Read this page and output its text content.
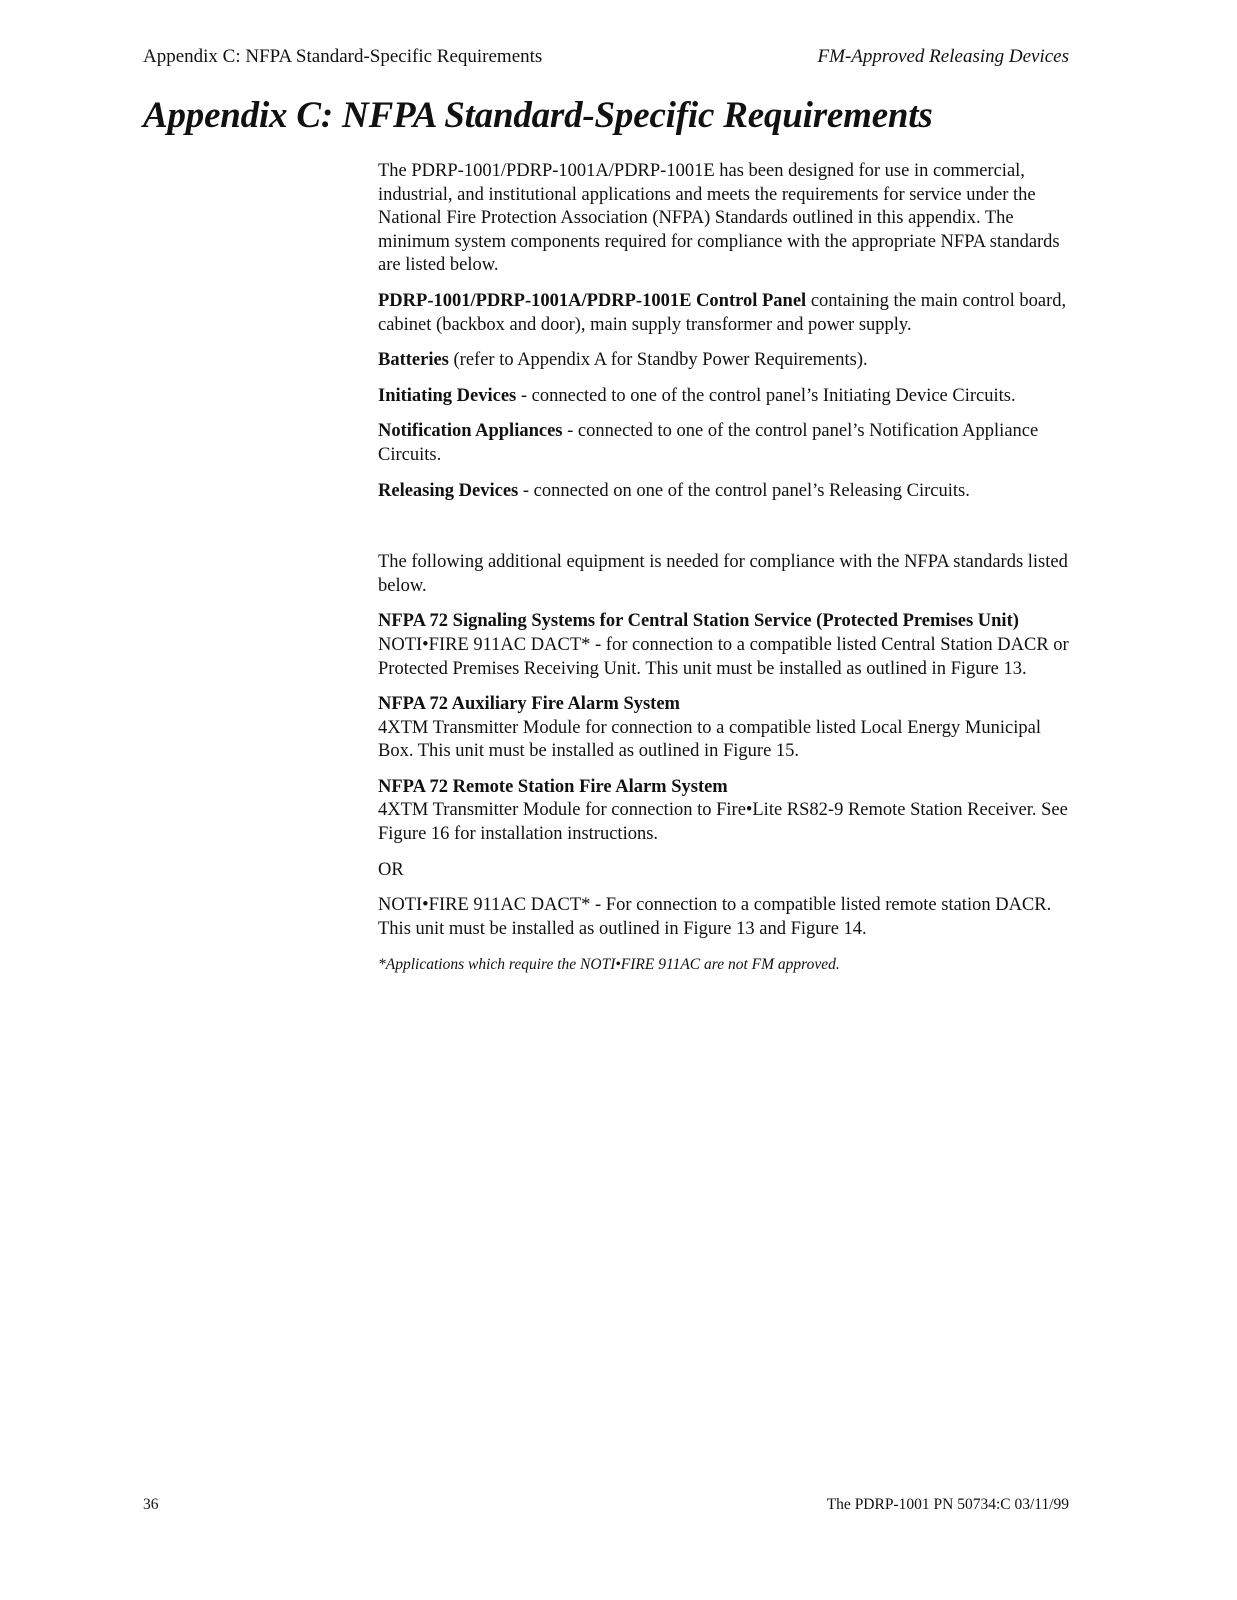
Appendix C: NFPA Standard-Specific Requirements	FM-Approved Releasing Devices
Appendix C: NFPA Standard-Specific Requirements

The PDRP-1001/PDRP-1001A/PDRP-1001E has been designed for use in commercial, industrial, and institutional applications and meets the requirements for service under the National Fire Protection Association (NFPA) Standards outlined in this appendix. The minimum system components required for compliance with the appropriate NFPA standards are listed below.

PDRP-1001/PDRP-1001A/PDRP-1001E Control Panel containing the main control board, cabinet (backbox and door), main supply transformer and power supply.

Batteries (refer to Appendix A for Standby Power Requirements).

Initiating Devices - connected to one of the control panel’s Initiating Device Circuits.

Notification Appliances - connected to one of the control panel’s Notification Appliance Circuits.

Releasing Devices - connected on one of the control panel’s Releasing Circuits.

The following additional equipment is needed for compliance with the NFPA standards listed below.

NFPA 72 Signaling Systems for Central Station Service (Protected Premises Unit)
NOTI•FIRE 911AC DACT* - for connection to a compatible listed Central Station DACR or Protected Premises Receiving Unit. This unit must be installed as outlined in Figure 13.

NFPA 72 Auxiliary Fire Alarm System
4XTM Transmitter Module for connection to a compatible listed Local Energy Municipal Box. This unit must be installed as outlined in Figure 15.

NFPA 72 Remote Station Fire Alarm System
4XTM Transmitter Module for connection to Fire•Lite RS82-9 Remote Station Receiver. See Figure 16 for installation instructions.

OR

NOTI•FIRE 911AC DACT* - For connection to a compatible listed remote station DACR. This unit must be installed as outlined in Figure 13 and Figure 14.

*Applications which require the NOTI•FIRE 911AC are not FM approved.

36	The PDRP-1001 PN 50734:C 03/11/99
